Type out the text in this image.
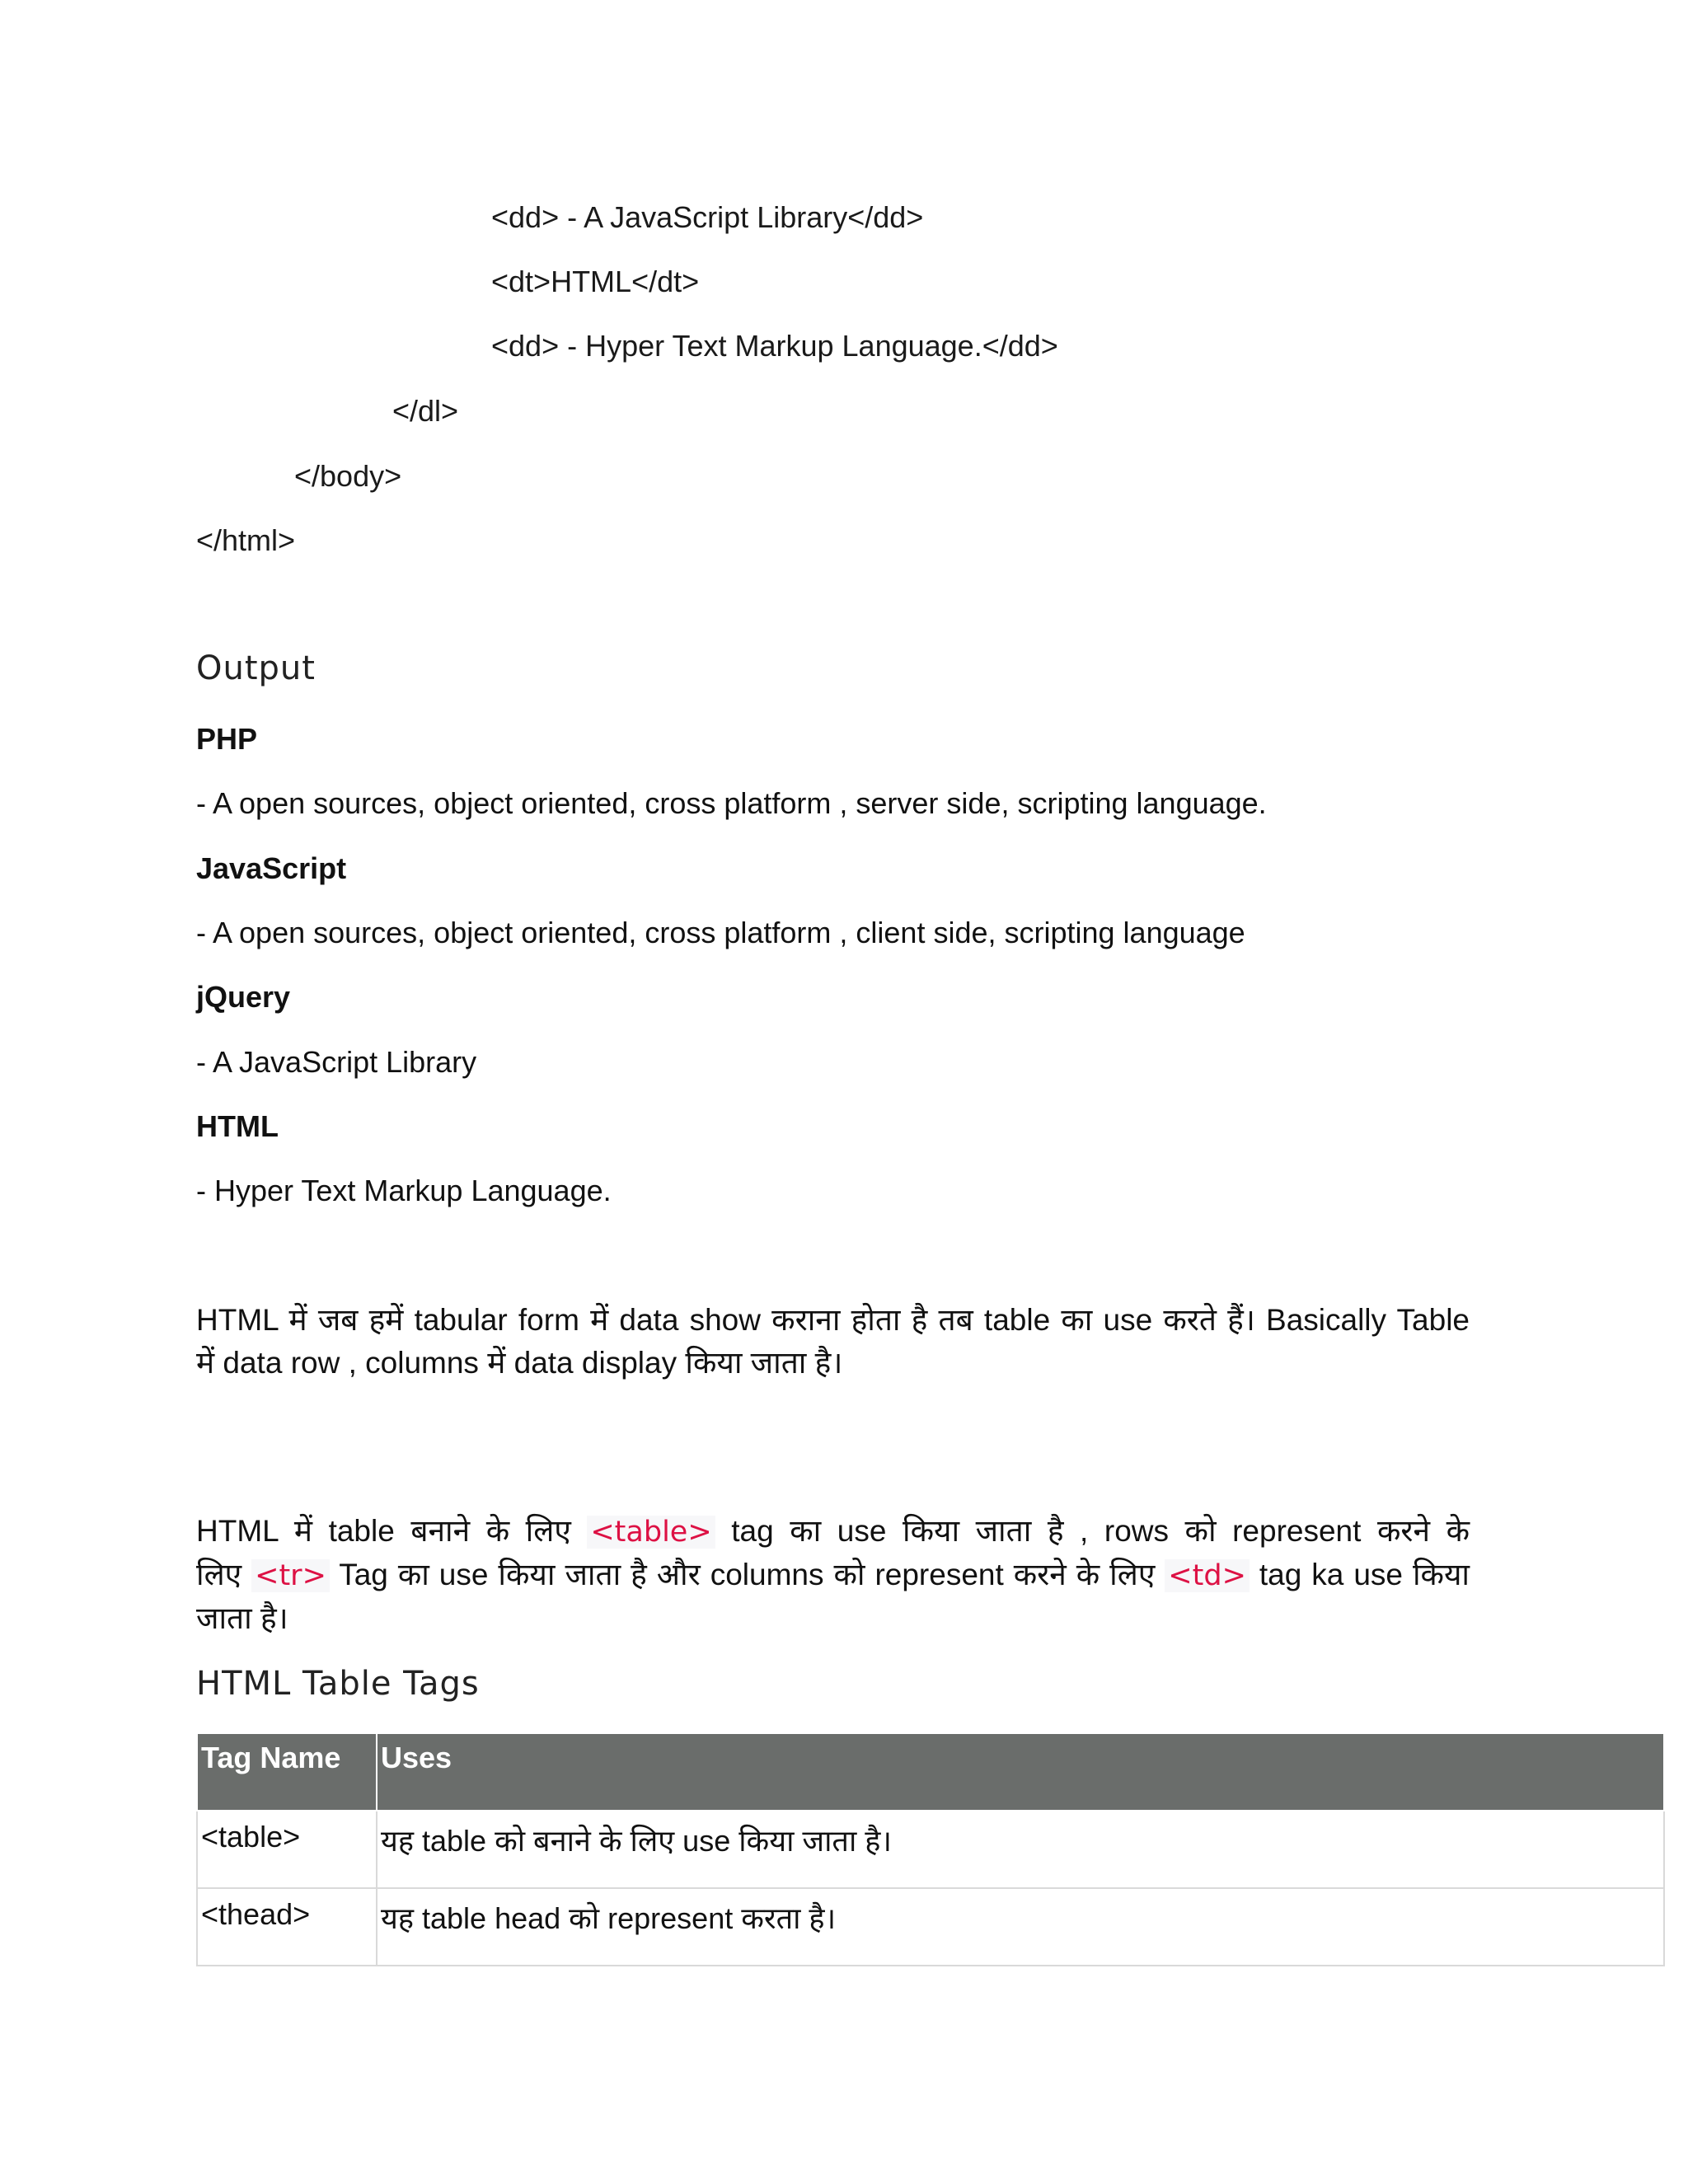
<dd> - A JavaScript Library</dd>
<dt>HTML</dt>
<dd> - Hyper Text Markup Language.</dd>
</dl>
</body>
</html>
Output
PHP
- A open sources, object oriented, cross platform , server side, scripting language.
JavaScript
- A open sources, object oriented, cross platform , client side, scripting language
jQuery
- A JavaScript Library
HTML
- Hyper Text Markup Language.
HTML में जब हमें tabular form में data show कराना होता है तब table का use करते हैं। Basically Table
में data row , columns में data display किया जाता है।
HTML में table बनाने के लिए <table> tag का use किया जाता है , rows को represent करने के
लिए <tr> Tag का use किया जाता है और columns को represent करने के लिए <td> tag ka use किया
जाता है।
HTML Table Tags
Tag Name	Uses
<table>	यह table को बनाने के लिए use किया जाता है।
<thead>	यह table head को represent करता है।
